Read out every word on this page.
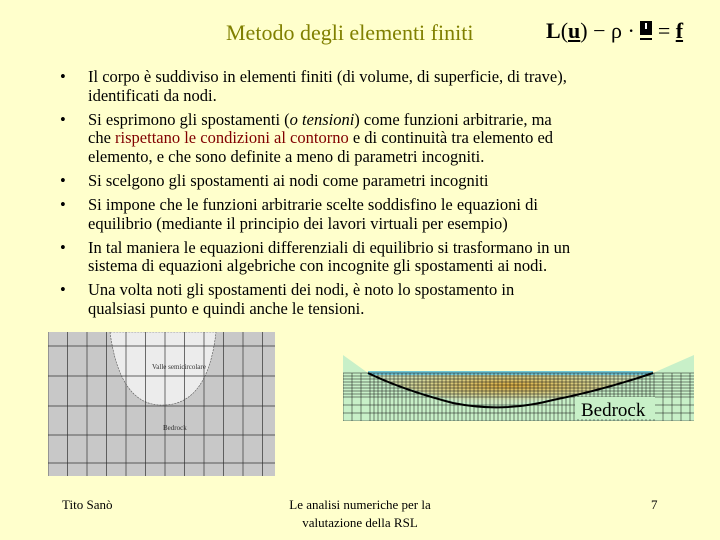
Metodo degli elementi finiti	L(u) − ρ ·  = f
• Il corpo è suddiviso in elementi finiti (di volume, di superficie, di trave),
identificati da nodi.
• Si esprimono gli spostamenti (o tensioni) come funzioni arbitrarie, ma
che rispettano le condizioni al contorno e di continuità tra elemento ed
elemento, e che sono definite a meno di parametri incogniti.
• Si scelgono gli spostamenti ai nodi come parametri incogniti
• Si impone che le funzioni arbitrarie scelte soddisfino le equazioni di
equilibrio (mediante il principio dei lavori virtuali per esempio)
• In tal maniera le equazioni differenziali di equilibrio si trasformano in un
sistema di equazioni algebriche con incognite gli spostamenti ai nodi.
• Una volta noti gli spostamenti dei nodi, è noto lo spostamento in
qualsiasi punto e quindi anche le tensioni.
Valle semicircolare
Bedrock
Bedrock
Tito Sanò	Le analisi numeriche per la
valutazione della RSL
7
